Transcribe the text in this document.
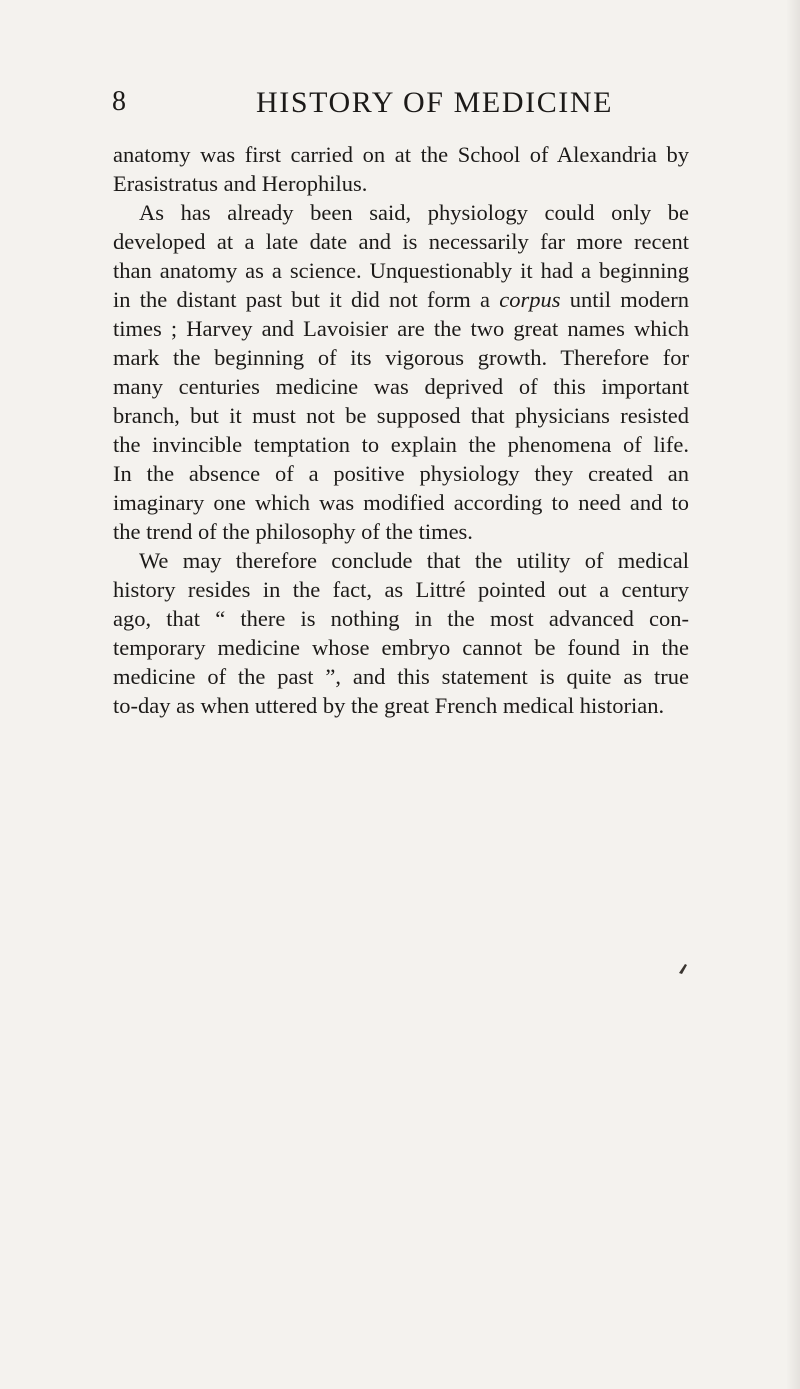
8	HISTORY OF MEDICINE
anatomy was first carried on at the School of Alexandria by
Erasistratus and Herophilus.
As has already been said, physiology could only be
developed at a late date and is necessarily far more recent
than anatomy as a science. Unquestionably it had a beginning
in the distant past but it did not form a corpus until modern
times ; Harvey and Lavoisier are the two great names which
mark the beginning of its vigorous growth. Therefore for
many centuries medicine was deprived of this important
branch, but it must not be supposed that physicians resisted
the invincible temptation to explain the phenomena of life.
In the absence of a positive physiology they created an
imaginary one which was modified according to need and to
the trend of the philosophy of the times.
We may therefore conclude that the utility of medical
history resides in the fact, as Littré pointed out a century
ago, that “ there is nothing in the most advanced con-
temporary medicine whose embryo cannot be found in the
medicine of the past ”, and this statement is quite as true
to-day as when uttered by the great French medical historian.
